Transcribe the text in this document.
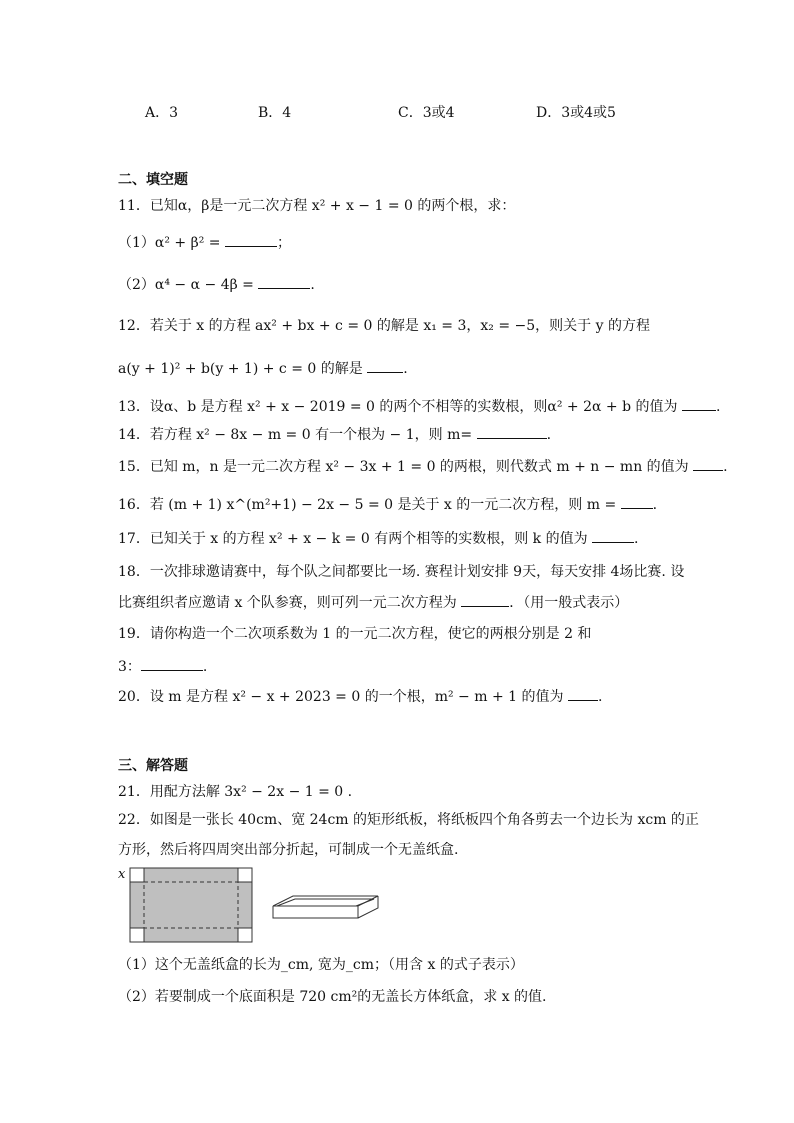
A．3	B．4	C．3或4	D．3或4或5
二、填空题
11．已知α，β是一元二次方程 x² + x − 1 = 0 的两个根，求：
（1）α² + β² =	；
（2）α⁴ − α − 4β =	.
12．若关于 x 的方程 ax² + bx + c = 0 的解是 x₁ = 3，x₂ = −5，则关于 y 的方程
a(y + 1)² + b(y + 1) + c = 0 的解是	.
13．设α、b 是方程 x² + x − 2019 = 0 的两个不相等的实数根，则α² + 2α + b 的值为	.
14．若方程 x² − 8x − m = 0 有一个根为 − 1，则 m=	.
15．已知 m，n 是一元二次方程 x² − 3x + 1 = 0 的两根，则代数式 m + n − mn 的值为 .
16．若 (m + 1) x^(m²+1) − 2x − 5 = 0 是关于 x 的一元二次方程，则 m =	.
17．已知关于 x 的方程 x² + x − k = 0 有两个相等的实数根，则 k 的值为	.
18．一次排球邀请赛中，每个队之间都要比一场. 赛程计划安排 9天，每天安排 4场比赛. 设
比赛组织者应邀请 x 个队参赛，则可列一元二次方程为	．（用一般式表示）
19．请你构造一个二次项系数为 1 的一元二次方程，使它的两根分别是 2 和
3：	.
20．设 m 是方程 x² − x + 2023 = 0 的一个根，m² − m + 1 的值为 .
三、解答题
21．用配方法解 3x² − 2x − 1 = 0 .
22．如图是一张长 40cm、宽 24cm 的矩形纸板，将纸板四个角各剪去一个边长为 xcm 的正
方形，然后将四周突出部分折起，可制成一个无盖纸盒.
x
（1）这个无盖纸盒的长为_cm, 宽为_cm；（用含 x 的式子表示）
（2）若要制成一个底面积是 720 cm²的无盖长方体纸盒，求 x 的值.
